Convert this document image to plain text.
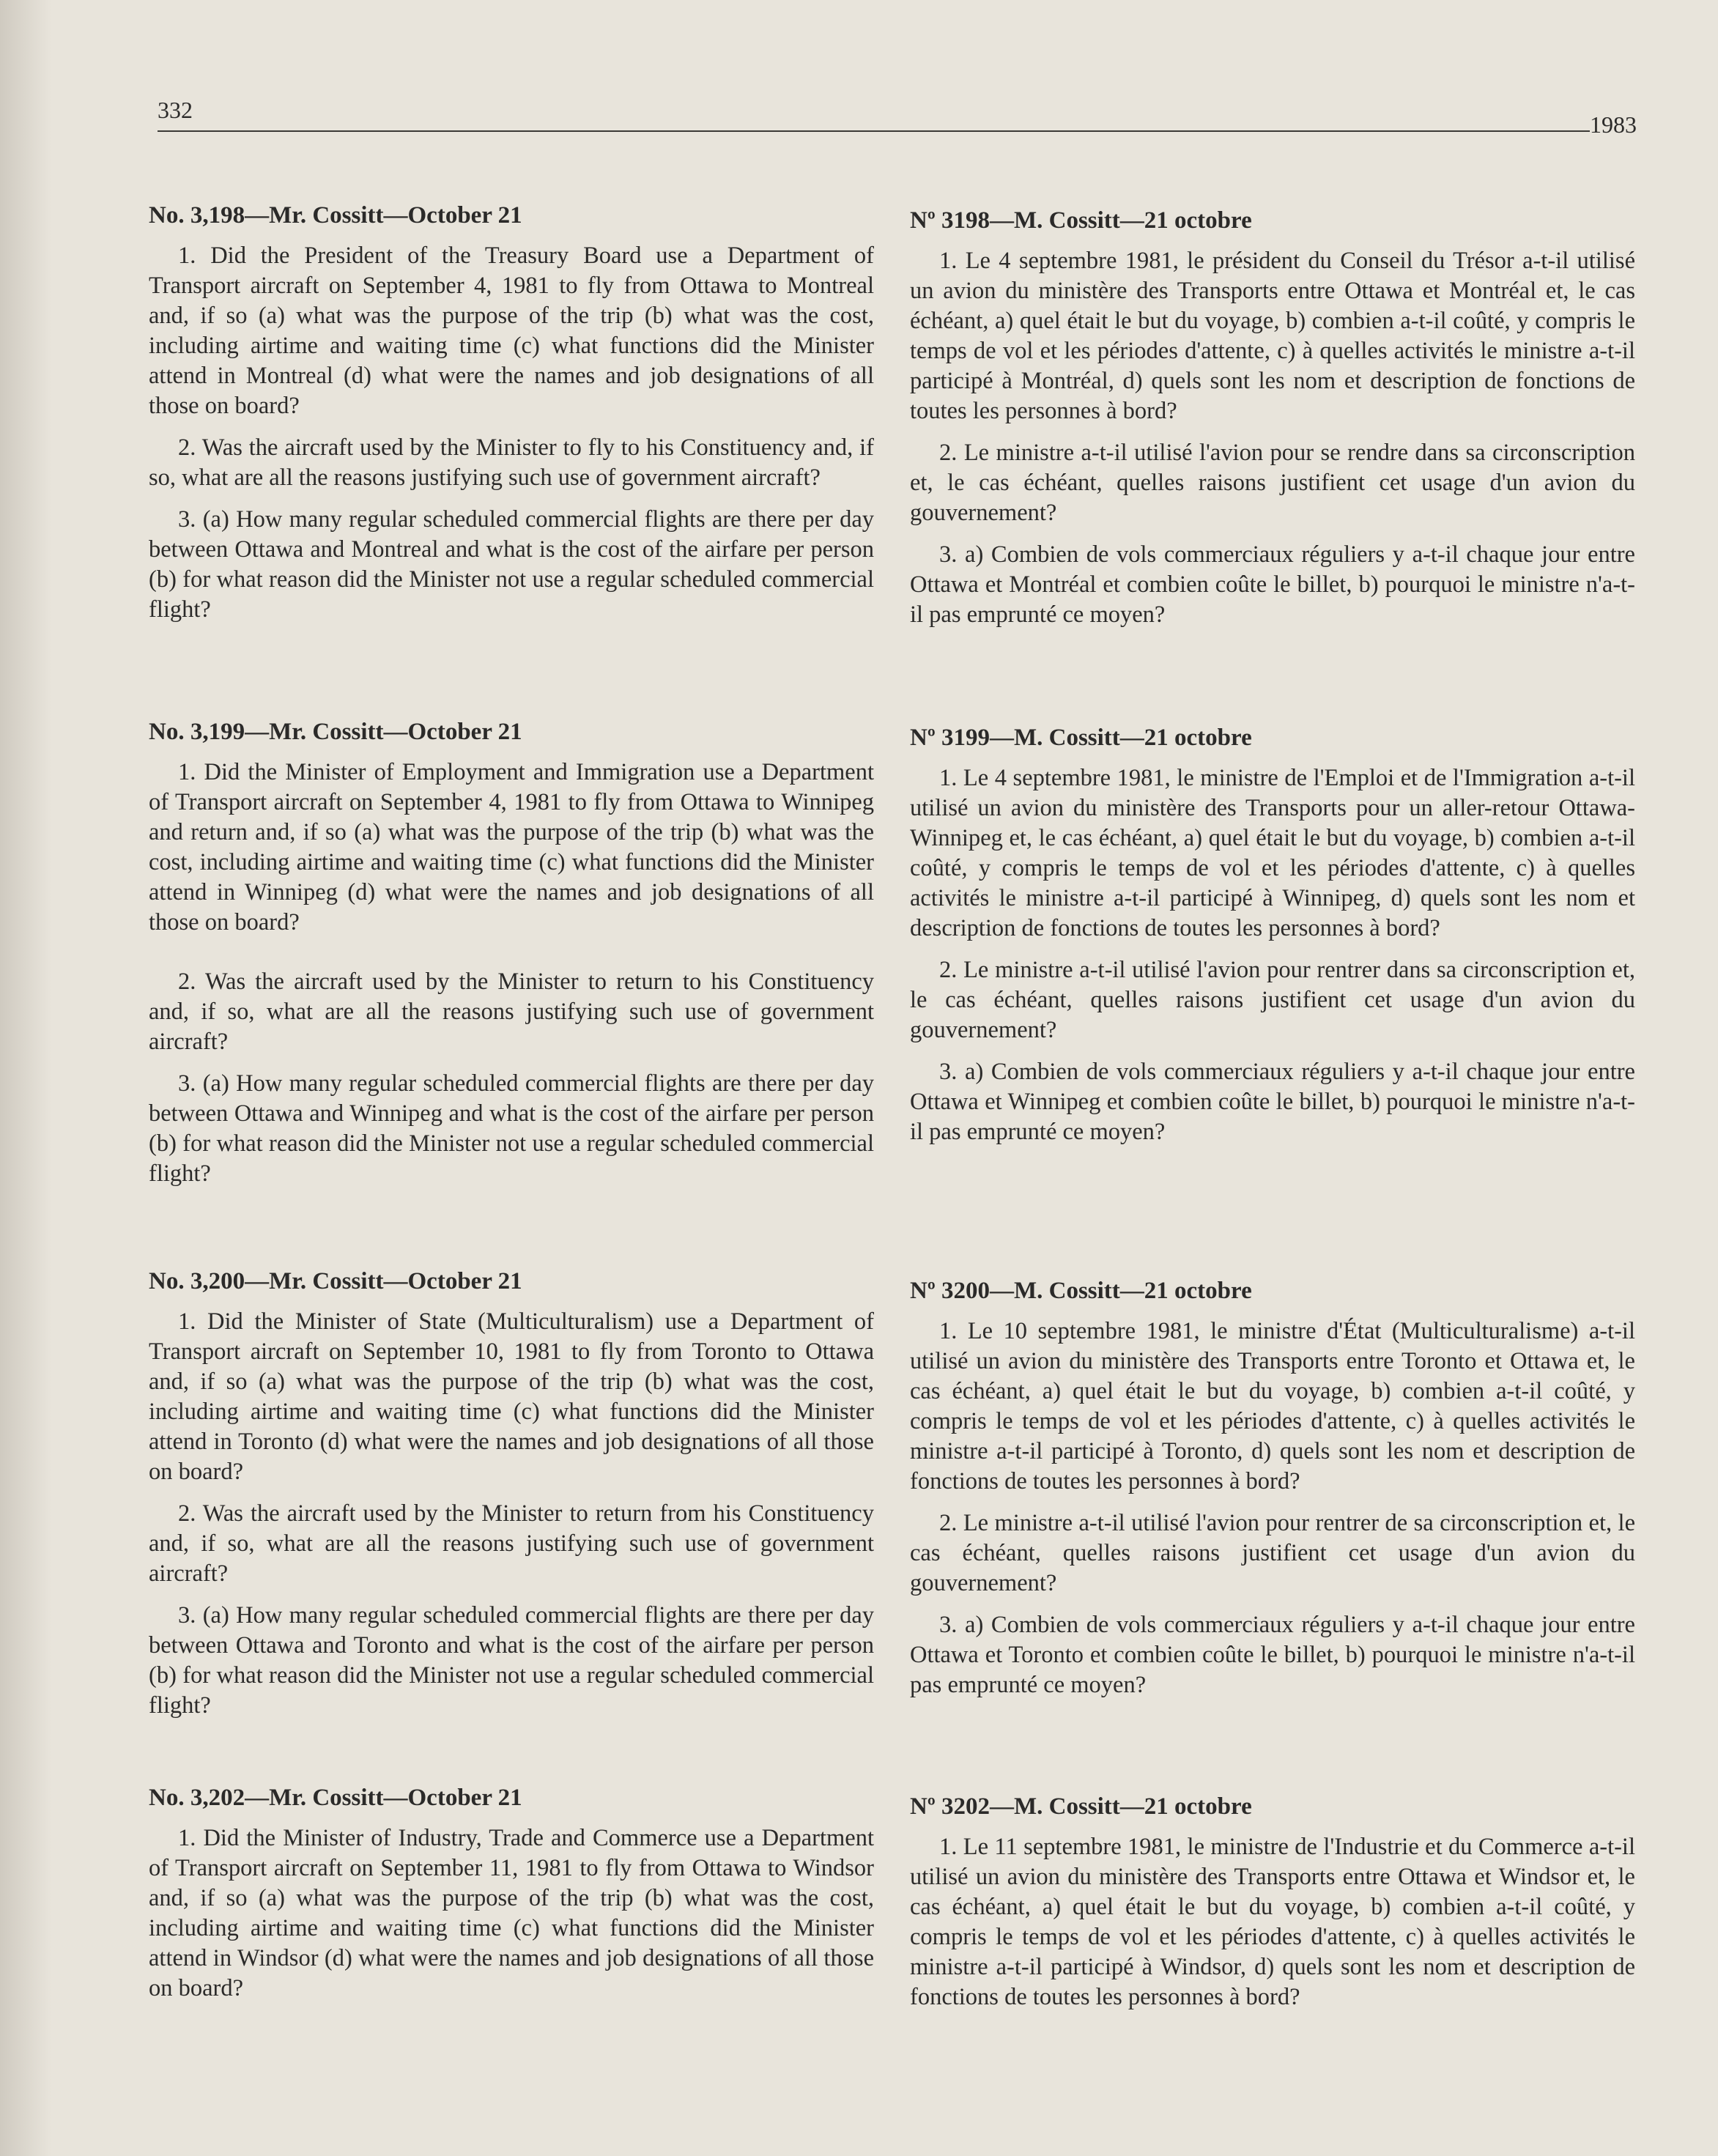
332
1983
No. 3,198—Mr. Cossitt—October 21

1. Did the President of the Treasury Board use a Department of Transport aircraft on September 4, 1981 to fly from Ottawa to Montreal and, if so (a) what was the purpose of the trip (b) what was the cost, including airtime and waiting time (c) what functions did the Minister attend in Montreal (d) what were the names and job designations of all those on board?

2. Was the aircraft used by the Minister to fly to his Constituency and, if so, what are all the reasons justifying such use of government aircraft?

3. (a) How many regular scheduled commercial flights are there per day between Ottawa and Montreal and what is the cost of the airfare per person (b) for what reason did the Minister not use a regular scheduled commercial flight?

No. 3,199—Mr. Cossitt—October 21

1. Did the Minister of Employment and Immigration use a Department of Transport aircraft on September 4, 1981 to fly from Ottawa to Winnipeg and return and, if so (a) what was the purpose of the trip (b) what was the cost, including airtime and waiting time (c) what functions did the Minister attend in Winnipeg (d) what were the names and job designations of all those on board?

2. Was the aircraft used by the Minister to return to his Constituency and, if so, what are all the reasons justifying such use of government aircraft?

3. (a) How many regular scheduled commercial flights are there per day between Ottawa and Winnipeg and what is the cost of the airfare per person (b) for what reason did the Minister not use a regular scheduled commercial flight?

No. 3,200—Mr. Cossitt—October 21

1. Did the Minister of State (Multiculturalism) use a Department of Transport aircraft on September 10, 1981 to fly from Toronto to Ottawa and, if so (a) what was the purpose of the trip (b) what was the cost, including airtime and waiting time (c) what functions did the Minister attend in Toronto (d) what were the names and job designations of all those on board?

2. Was the aircraft used by the Minister to return from his Constituency and, if so, what are all the reasons justifying such use of government aircraft?

3. (a) How many regular scheduled commercial flights are there per day between Ottawa and Toronto and what is the cost of the airfare per person (b) for what reason did the Minister not use a regular scheduled commercial flight?

No. 3,202—Mr. Cossitt—October 21

1. Did the Minister of Industry, Trade and Commerce use a Department of Transport aircraft on September 11, 1981 to fly from Ottawa to Windsor and, if so (a) what was the purpose of the trip (b) what was the cost, including airtime and waiting time (c) what functions did the Minister attend in Windsor (d) what were the names and job designations of all those on board?

Nº 3198—M. Cossitt—21 octobre

1. Le 4 septembre 1981, le président du Conseil du Trésor a-t-il utilisé un avion du ministère des Transports entre Ottawa et Montréal et, le cas échéant, a) quel était le but du voyage, b) combien a-t-il coûté, y compris le temps de vol et les périodes d'attente, c) à quelles activités le ministre a-t-il participé à Montréal, d) quels sont les nom et description de fonctions de toutes les personnes à bord?

2. Le ministre a-t-il utilisé l'avion pour se rendre dans sa circonscription et, le cas échéant, quelles raisons justifient cet usage d'un avion du gouvernement?

3. a) Combien de vols commerciaux réguliers y a-t-il chaque jour entre Ottawa et Montréal et combien coûte le billet, b) pourquoi le ministre n'a-t-il pas emprunté ce moyen?

Nº 3199—M. Cossitt—21 octobre

1. Le 4 septembre 1981, le ministre de l'Emploi et de l'Immigration a-t-il utilisé un avion du ministère des Transports pour un aller-retour Ottawa-Winnipeg et, le cas échéant, a) quel était le but du voyage, b) combien a-t-il coûté, y compris le temps de vol et les périodes d'attente, c) à quelles activités le ministre a-t-il participé à Winnipeg, d) quels sont les nom et description de fonctions de toutes les personnes à bord?

2. Le ministre a-t-il utilisé l'avion pour rentrer dans sa circonscription et, le cas échéant, quelles raisons justifient cet usage d'un avion du gouvernement?

3. a) Combien de vols commerciaux réguliers y a-t-il chaque jour entre Ottawa et Winnipeg et combien coûte le billet, b) pourquoi le ministre n'a-t-il pas emprunté ce moyen?

Nº 3200—M. Cossitt—21 octobre

1. Le 10 septembre 1981, le ministre d'État (Multiculturalisme) a-t-il utilisé un avion du ministère des Transports entre Toronto et Ottawa et, le cas échéant, a) quel était le but du voyage, b) combien a-t-il coûté, y compris le temps de vol et les périodes d'attente, c) à quelles activités le ministre a-t-il participé à Toronto, d) quels sont les nom et description de fonctions de toutes les personnes à bord?

2. Le ministre a-t-il utilisé l'avion pour rentrer de sa circonscription et, le cas échéant, quelles raisons justifient cet usage d'un avion du gouvernement?

3. a) Combien de vols commerciaux réguliers y a-t-il chaque jour entre Ottawa et Toronto et combien coûte le billet, b) pourquoi le ministre n'a-t-il pas emprunté ce moyen?

Nº 3202—M. Cossitt—21 octobre

1. Le 11 septembre 1981, le ministre de l'Industrie et du Commerce a-t-il utilisé un avion du ministère des Transports entre Ottawa et Windsor et, le cas échéant, a) quel était le but du voyage, b) combien a-t-il coûté, y compris le temps de vol et les périodes d'attente, c) à quelles activités le ministre a-t-il participé à Windsor, d) quels sont les nom et description de fonctions de toutes les personnes à bord?
